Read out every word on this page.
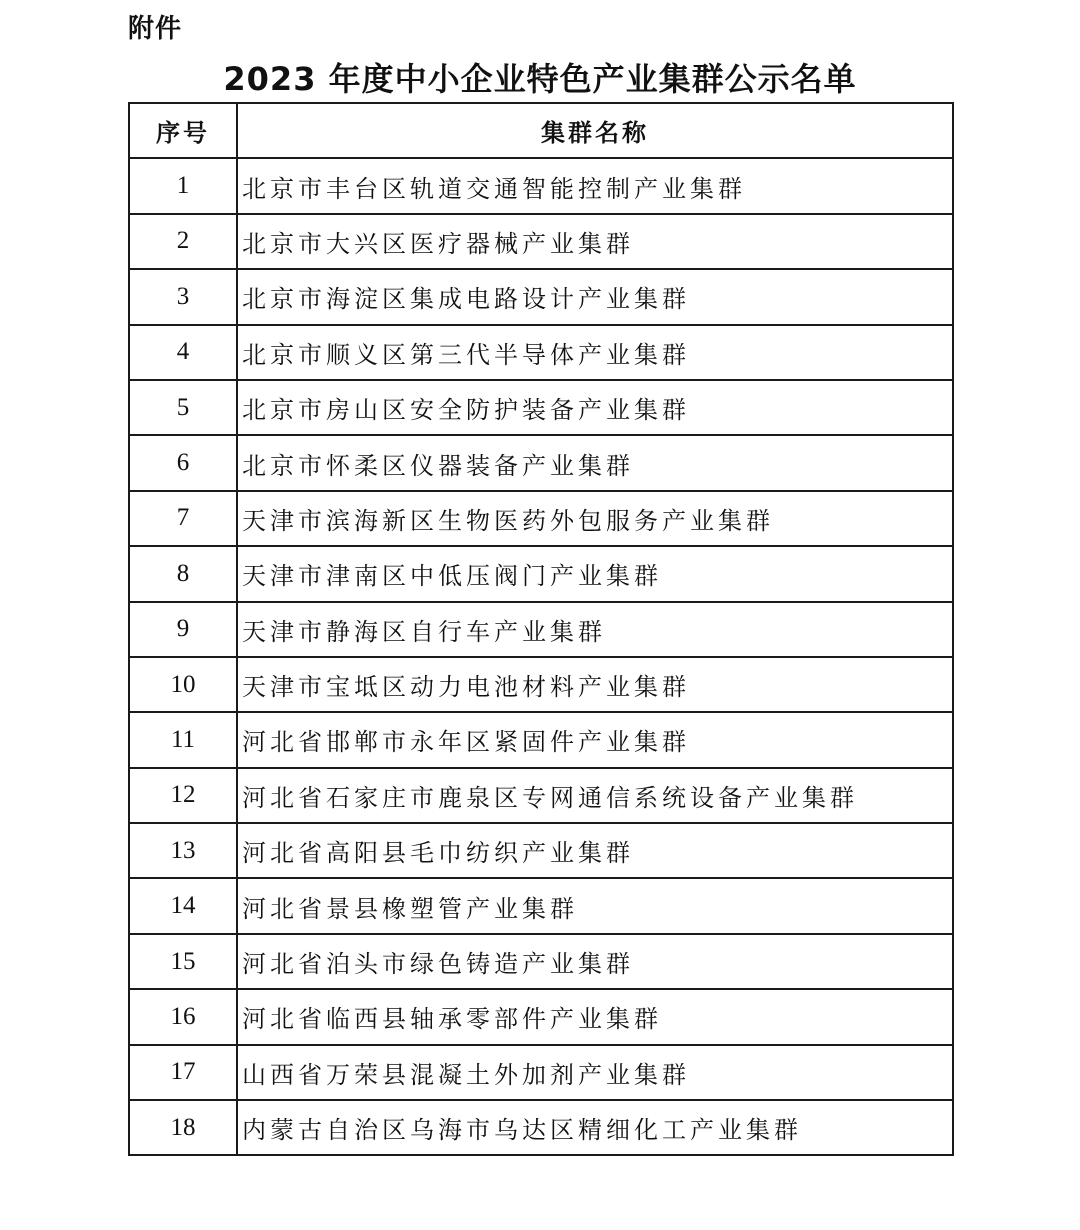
附件
2023 年度中小企业特色产业集群公示名单
序号	集群名称
1	北京市丰台区轨道交通智能控制产业集群
2	北京市大兴区医疗器械产业集群
3	北京市海淀区集成电路设计产业集群
4	北京市顺义区第三代半导体产业集群
5	北京市房山区安全防护装备产业集群
6	北京市怀柔区仪器装备产业集群
7	天津市滨海新区生物医药外包服务产业集群
8	天津市津南区中低压阀门产业集群
9	天津市静海区自行车产业集群
10	天津市宝坻区动力电池材料产业集群
11	河北省邯郸市永年区紧固件产业集群
12	河北省石家庄市鹿泉区专网通信系统设备产业集群
13	河北省高阳县毛巾纺织产业集群
14	河北省景县橡塑管产业集群
15	河北省泊头市绿色铸造产业集群
16	河北省临西县轴承零部件产业集群
17	山西省万荣县混凝土外加剂产业集群
18	内蒙古自治区乌海市乌达区精细化工产业集群
